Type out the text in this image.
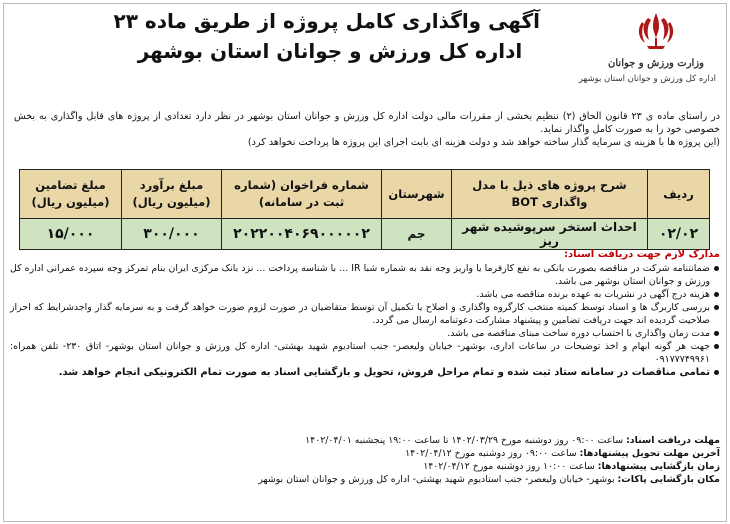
آگهی واگذاری کامل پروژه از طریق ماده ۲۳
اداره کل ورزش و جوانان استان بوشهر
وزارت ورزش و جوانان
اداره کل ورزش و جوانان استان بوشهر

در راستای ماده ی ۲۳ قانون الحاق (۲) تنظیم بخشی از مقررات مالی دولت اداره کل ورزش و جوانان استان بوشهر در نظر دارد تعدادی از پروژه های قابل واگذاری به بخش خصوصی خود را به صورت کامل واگذار نماید.

(این پروژه ها با هزینه ی سرمایه گذار ساخته خواهد شد و دولت هزینه ای بابت اجرای این پروژه ها پرداخت نخواهد کرد)

ردیف	شرح پروژه های ذیل با مدل واگذاری BOT	شهرستان	شماره فراخوان (شماره ثبت در سامانه)	مبلغ برآورد (میلیون ریال)	مبلغ تضامین (میلیون ریال)
۰۲/۰۲	احداث استخر سرپوشیده شهر ریز	جم	۲۰۲۲۰۰۴۰۶۹۰۰۰۰۰۲	۳۰۰/۰۰۰	۱۵/۰۰۰
مدارک لازم جهت دریافت اسناد:
ضمانتنامه شرکت در مناقصه بصورت بانکی به نفع کارفرما یا واریز وجه نقد به شماره شبا IR ... با شناسه پرداخت ... نزد بانک مرکزی ایران بنام تمرکز وجه سپرده عمرانی اداره کل ورزش و جوانان استان بوشهر می باشد.
هزینه درج آگهی در نشریات به عهده برنده مناقصه می باشد.
بررسی کاربرگ ها و اسناد توسط کمیته منتخب کارگروه واگذاری و اصلاح یا تکمیل آن توسط متقاضیان در صورت لزوم صورت خواهد گرفت و به سرمایه گذار واجدشرایط که احراز صلاحیت گردیده اند جهت دریافت تضامین و پیشنهاد مشارکت دعوتنامه ارسال می گردد.
مدت زمان واگذاری با احتساب دوره ساخت مبنای مناقصه می باشد.
جهت هر گونه ابهام و اخذ توضیحات در ساعات اداری، بوشهر- خیابان ولیعصر- جنب استادیوم شهید بهشتی- اداره کل ورزش و جوانان استان بوشهر- اتاق ۲۳۰- تلفن همراه: ۰۹۱۷۷۷۴۹۹۶۱
تمامی مناقصات در سامانه ستاد ثبت شده و تمام مراحل فروش، تحویل و بازگشایی اسناد به صورت تمام الکترونیکی انجام خواهد شد.
مهلت دریافت اسناد: ساعت ۰۹:۰۰ روز دوشنبه مورخ ۱۴۰۲/۰۳/۲۹ تا ساعت ۱۹:۰۰ پنجشنبه ۱۴۰۲/۰۴/۰۱
آخرین مهلت تحویل پیشنهادها: ساعت ۰۹:۰۰ روز دوشنبه مورخ ۱۴۰۲/۰۴/۱۲
زمان بازگشایی پیشنهادها: ساعت ۱۰:۰۰ روز دوشنبه مورخ ۱۴۰۲/۰۴/۱۲
مکان بازگشایی پاکات: بوشهر- خیابان ولیعصر- جنب استادیوم شهید بهشتی- اداره کل ورزش و جوانان استان بوشهر
